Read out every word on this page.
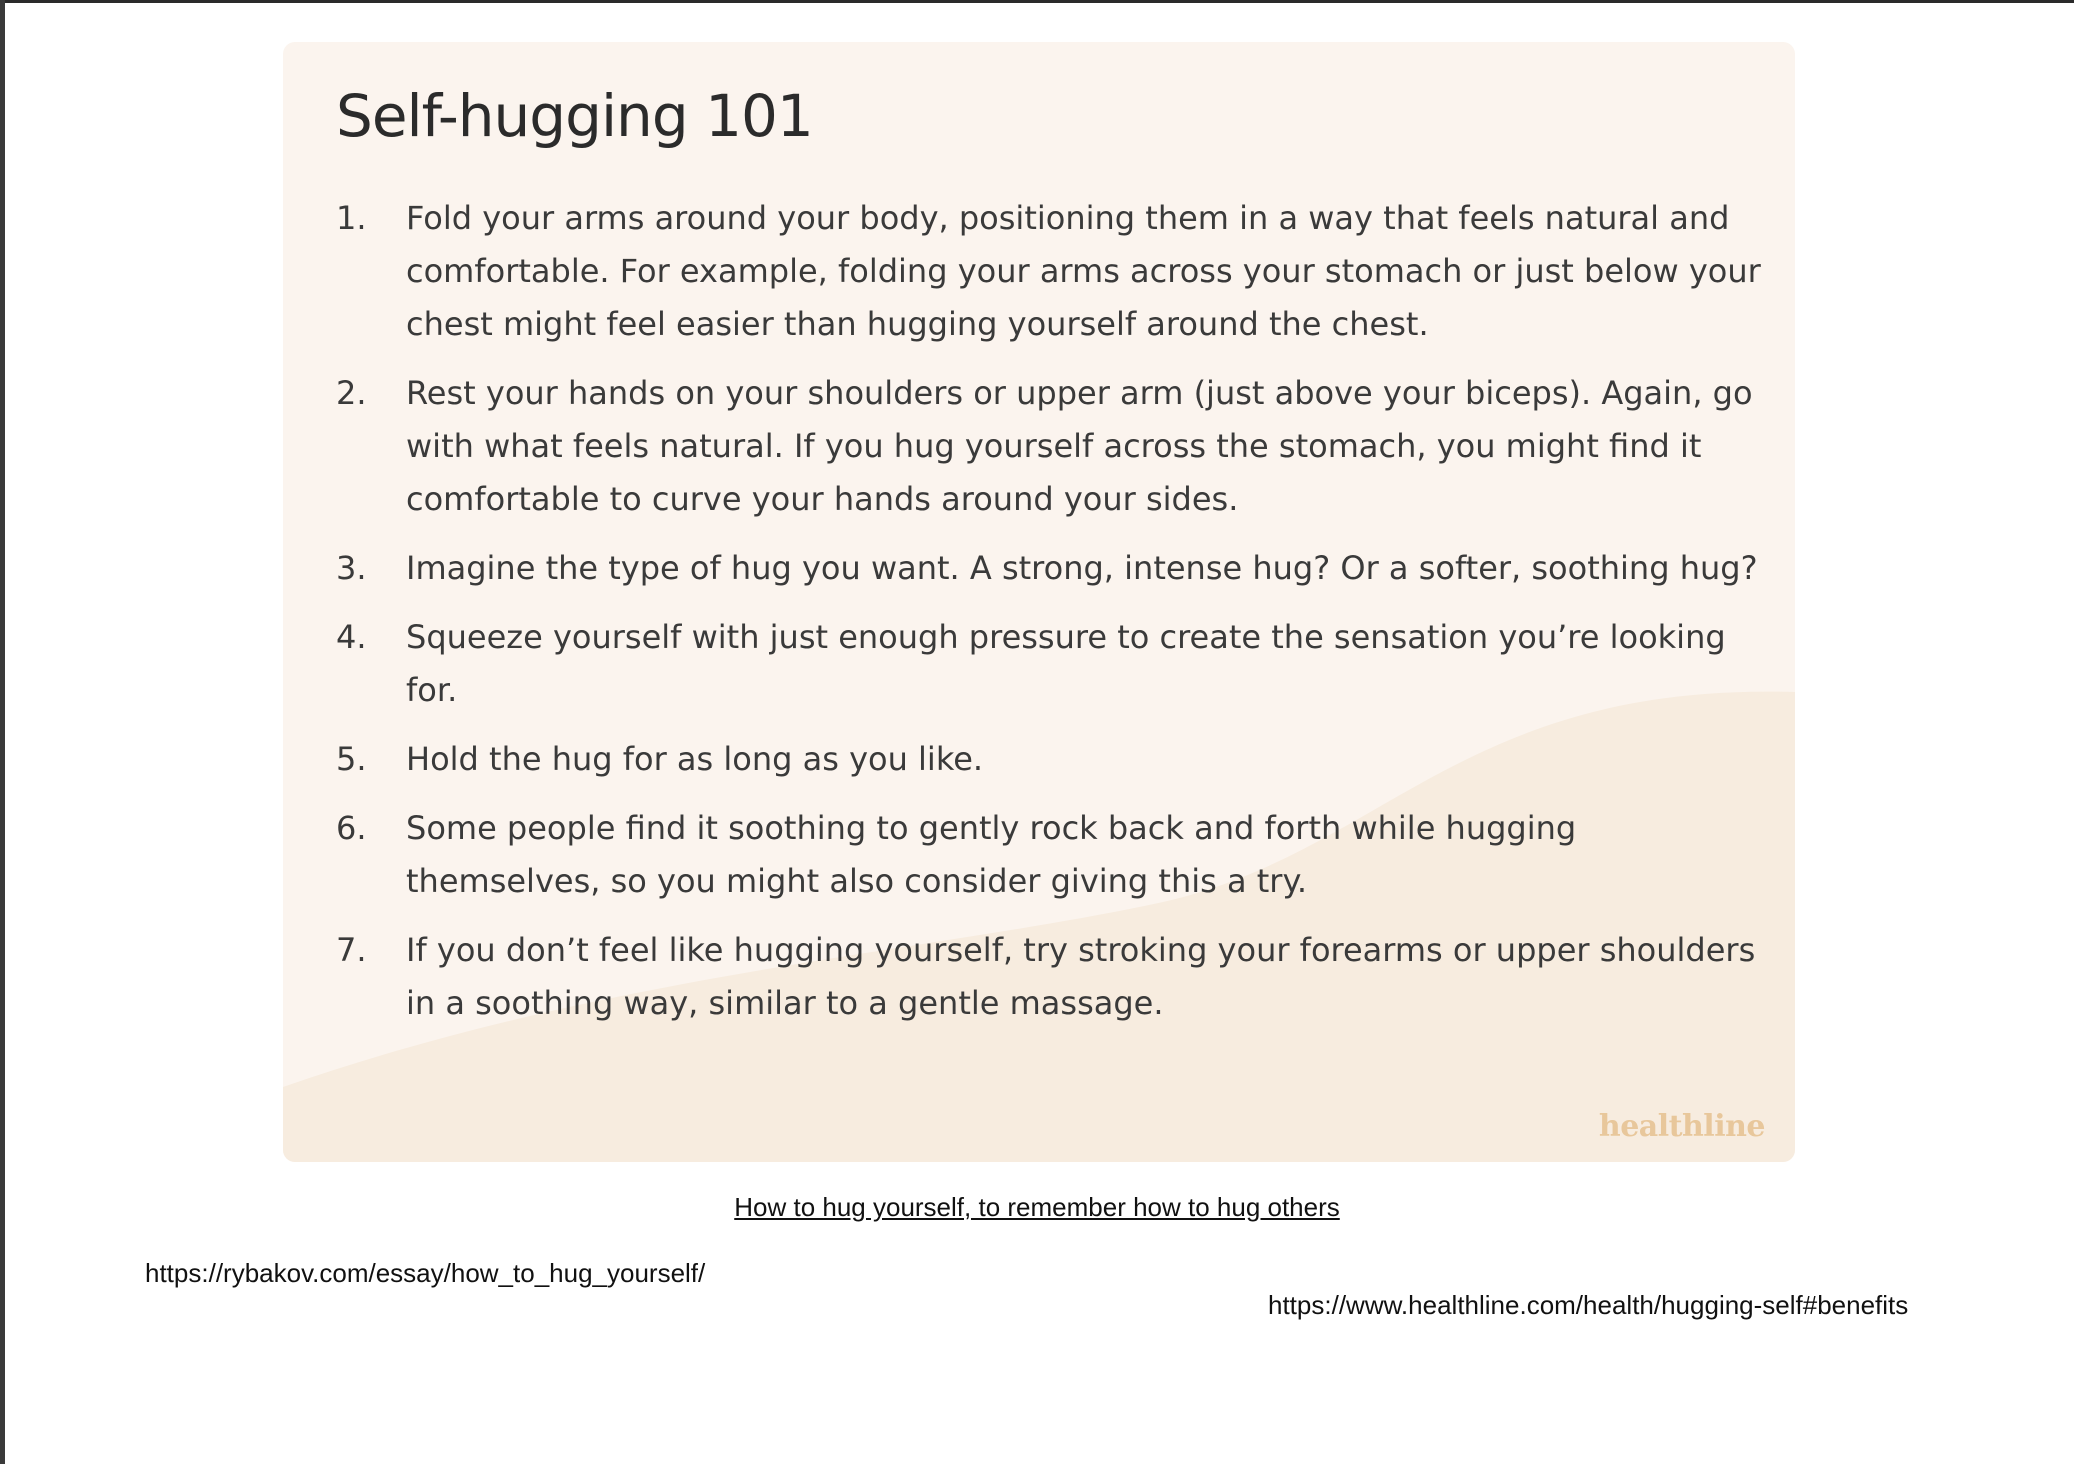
Self-hugging 101
1.	Fold your arms around your body, positioning them in a way that feels natural and comfortable. For example, folding your arms across your stomach or just below your chest might feel easier than hugging yourself around the chest.
2.	Rest your hands on your shoulders or upper arm (just above your biceps). Again, go with what feels natural. If you hug yourself across the stomach, you might find it comfortable to curve your hands around your sides.
3.	Imagine the type of hug you want. A strong, intense hug? Or a softer, soothing hug?
4.	Squeeze yourself with just enough pressure to create the sensation you’re looking for.
5.	Hold the hug for as long as you like.
6.	Some people find it soothing to gently rock back and forth while hugging themselves, so you might also consider giving this a try.
7.	If you don’t feel like hugging yourself, try stroking your forearms or upper shoulders in a soothing way, similar to a gentle massage.
healthline
How to hug yourself, to remember how to hug others
https://rybakov.com/essay/how_to_hug_yourself/
https://www.healthline.com/health/hugging-self#benefits
